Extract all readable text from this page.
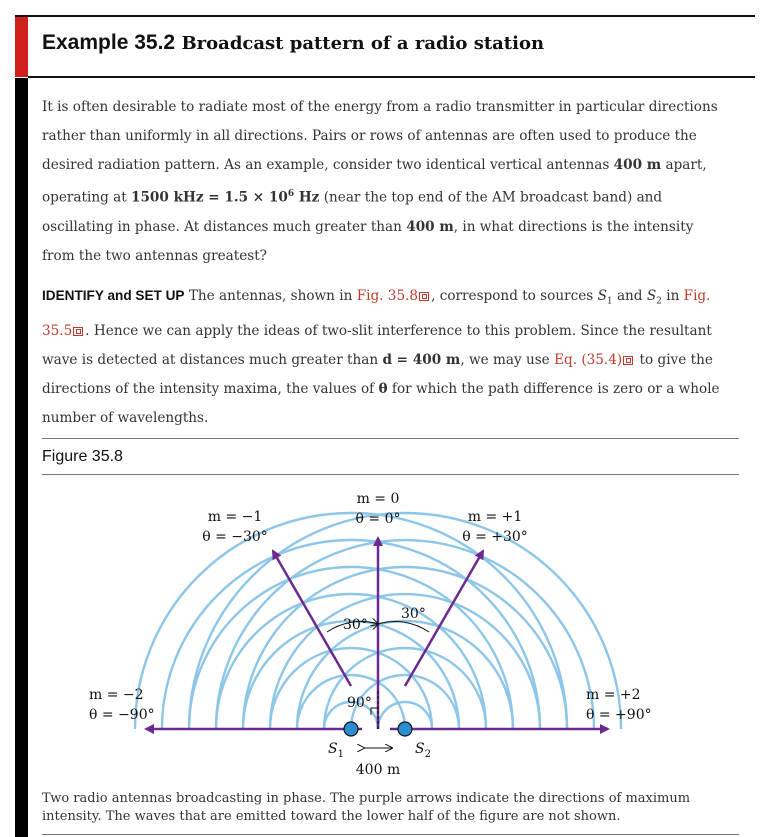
Example 35.2 Broadcast pattern of a radio station

It is often desirable to radiate most of the energy from a radio transmitter in particular directions rather than uniformly in all directions. Pairs or rows of antennas are often used to produce the desired radiation pattern. As an example, consider two identical vertical antennas 400 m apart, operating at 1500 kHz = $1.5 \times 10^6$ Hz (near the top end of the AM broadcast band) and oscillating in phase. At distances much greater than 400 m, in what directions is the intensity from the two antennas greatest?

IDENTIFY and SET UP The antennas, shown in Fig. 35.8 , correspond to sources $S_1$ and $S_2$ in Fig. 35.5 . Hence we can apply the ideas of two-slit interference to this problem. Since the resultant wave is detected at distances much greater than d = 400 m, we may use Eq. (35.4) to give the directions of the intensity maxima, the values of θ for which the path difference is zero or a whole number of wavelengths.

Figure 35.8
m = 0
θ = 0°
m = −1
θ = −30°
m = +1
θ = +30°
m = −2
θ = −90°
m = +2
θ = +90°
30°
30°
90°
$S_1$	$S_2$
400 m
Two radio antennas broadcasting in phase. The purple arrows indicate the directions of maximum intensity. The waves that are emitted toward the lower half of the figure are not shown.
